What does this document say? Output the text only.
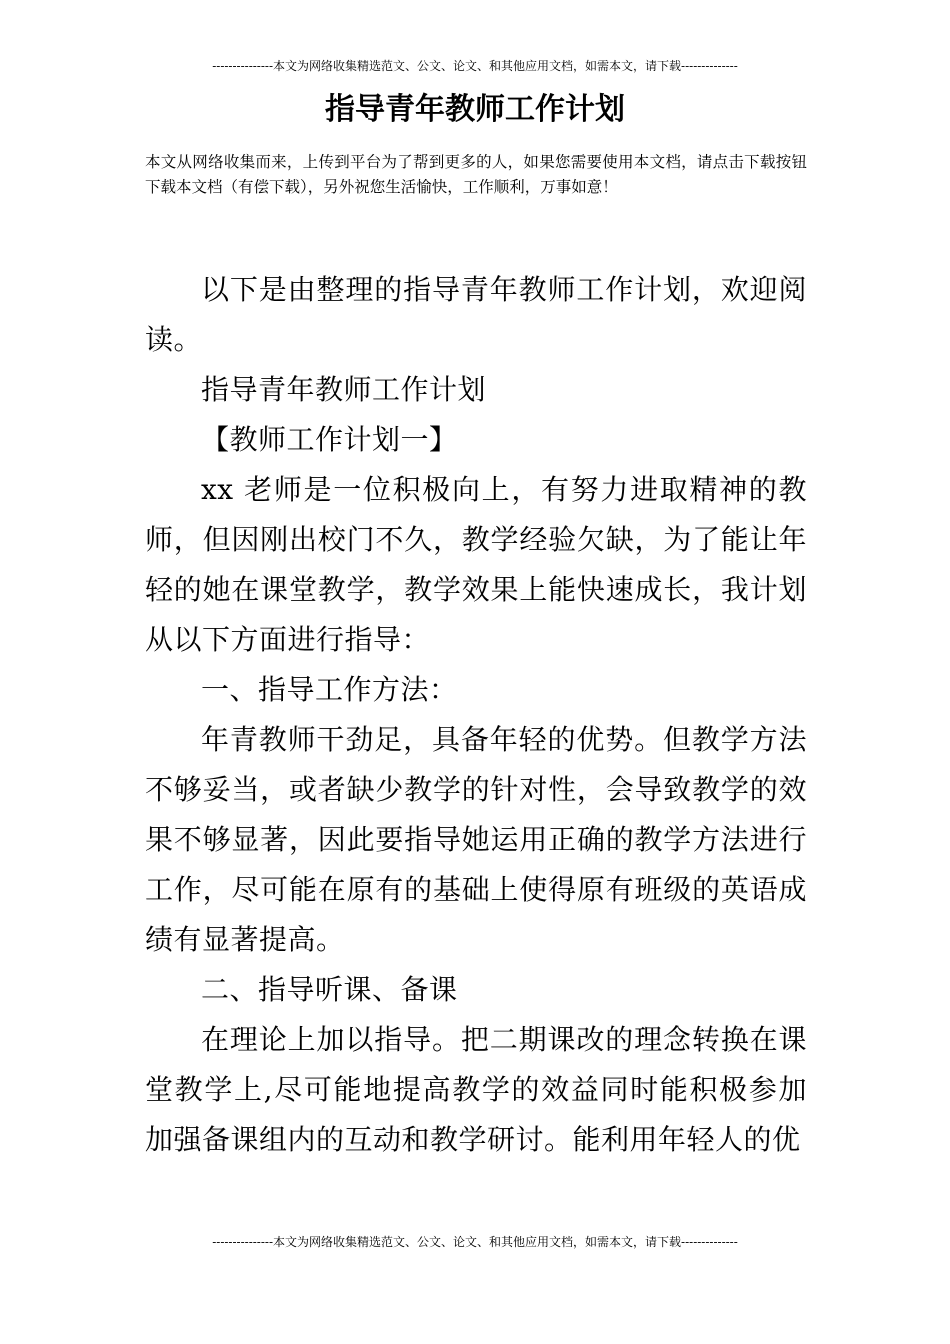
---------------本文为网络收集精选范文、公文、论文、和其他应用文档，如需本文，请下载--------------
指导青年教师工作计划

本文从网络收集而来，上传到平台为了帮到更多的人，如果您需要使用本文档，请点击下载按钮下载本文档（有偿下载），另外祝您生活愉快，工作顺利，万事如意！

以下是由整理的指导青年教师工作计划，欢迎阅读。

指导青年教师工作计划

【教师工作计划一】

xx 老师是一位积极向上，有努力进取精神的教师，但因刚出校门不久，教学经验欠缺，为了能让年轻的她在课堂教学，教学效果上能快速成长，我计划从以下方面进行指导：

一、指导工作方法：

年青教师干劲足，具备年轻的优势。但教学方法不够妥当，或者缺少教学的针对性，会导致教学的效果不够显著，因此要指导她运用正确的教学方法进行工作，尽可能在原有的基础上使得原有班级的英语成绩有显著提高。

二、指导听课、备课

在理论上加以指导。把二期课改的理念转换在课堂教学上,尽可能地提高教学的效益同时能积极参加加强备课组内的互动和教学研讨。能利用年轻人的优

---------------本文为网络收集精选范文、公文、论文、和其他应用文档，如需本文，请下载--------------
